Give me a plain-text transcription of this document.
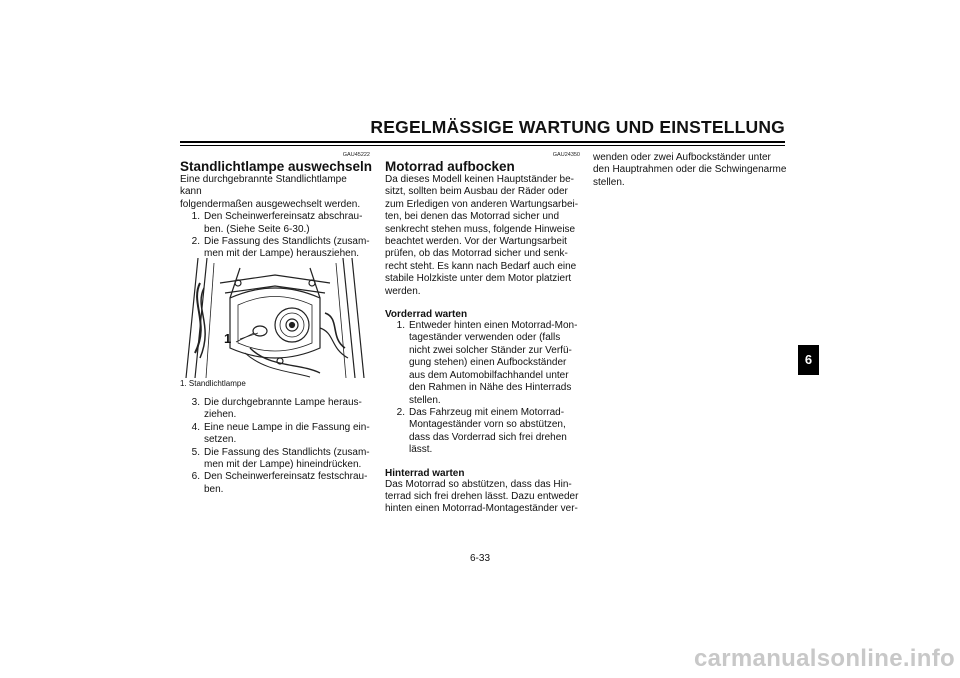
REGELMÄSSIGE WARTUNG UND EINSTELLUNG
GAU45222
Standlichtlampe auswechseln
Eine durchgebrannte Standlichtlampe kann
folgendermaßen ausgewechselt werden.
1. Den Scheinwerfereinsatz abschrau-
ben. (Siehe Seite 6-30.)
2. Die Fassung des Standlichts (zusam-
men mit der Lampe) herausziehen.
1
1. Standlichtlampe
3. Die durchgebrannte Lampe heraus-
ziehen.
4. Eine neue Lampe in die Fassung ein-
setzen.
5. Die Fassung des Standlichts (zusam-
men mit der Lampe) hineindrücken.
6. Den Scheinwerfereinsatz festschrau-
ben.
GAU24350
Motorrad aufbocken
Da dieses Modell keinen Hauptständer be-
sitzt, sollten beim Ausbau der Räder oder
zum Erledigen von anderen Wartungsarbei-
ten, bei denen das Motorrad sicher und
senkrecht stehen muss, folgende Hinweise
beachtet werden. Vor der Wartungsarbeit
prüfen, ob das Motorrad sicher und senk-
recht steht. Es kann nach Bedarf auch eine
stabile Holzkiste unter dem Motor platziert
werden.
Vorderrad warten
1. Entweder hinten einen Motorrad-Mon-
tageständer verwenden oder (falls
nicht zwei solcher Ständer zur Verfü-
gung stehen) einen Aufbockständer
aus dem Automobilfachhandel unter
den Rahmen in Nähe des Hinterrads
stellen.
2. Das Fahrzeug mit einem Motorrad-
Montageständer vorn so abstützen,
dass das Vorderrad sich frei drehen
lässt.
Hinterrad warten
Das Motorrad so abstützen, dass das Hin-
terrad sich frei drehen lässt. Dazu entweder
hinten einen Motorrad-Montageständer ver-
wenden oder zwei Aufbockständer unter
den Hauptrahmen oder die Schwingenarme
stellen.
6
6-33
carmanualsonline.info
